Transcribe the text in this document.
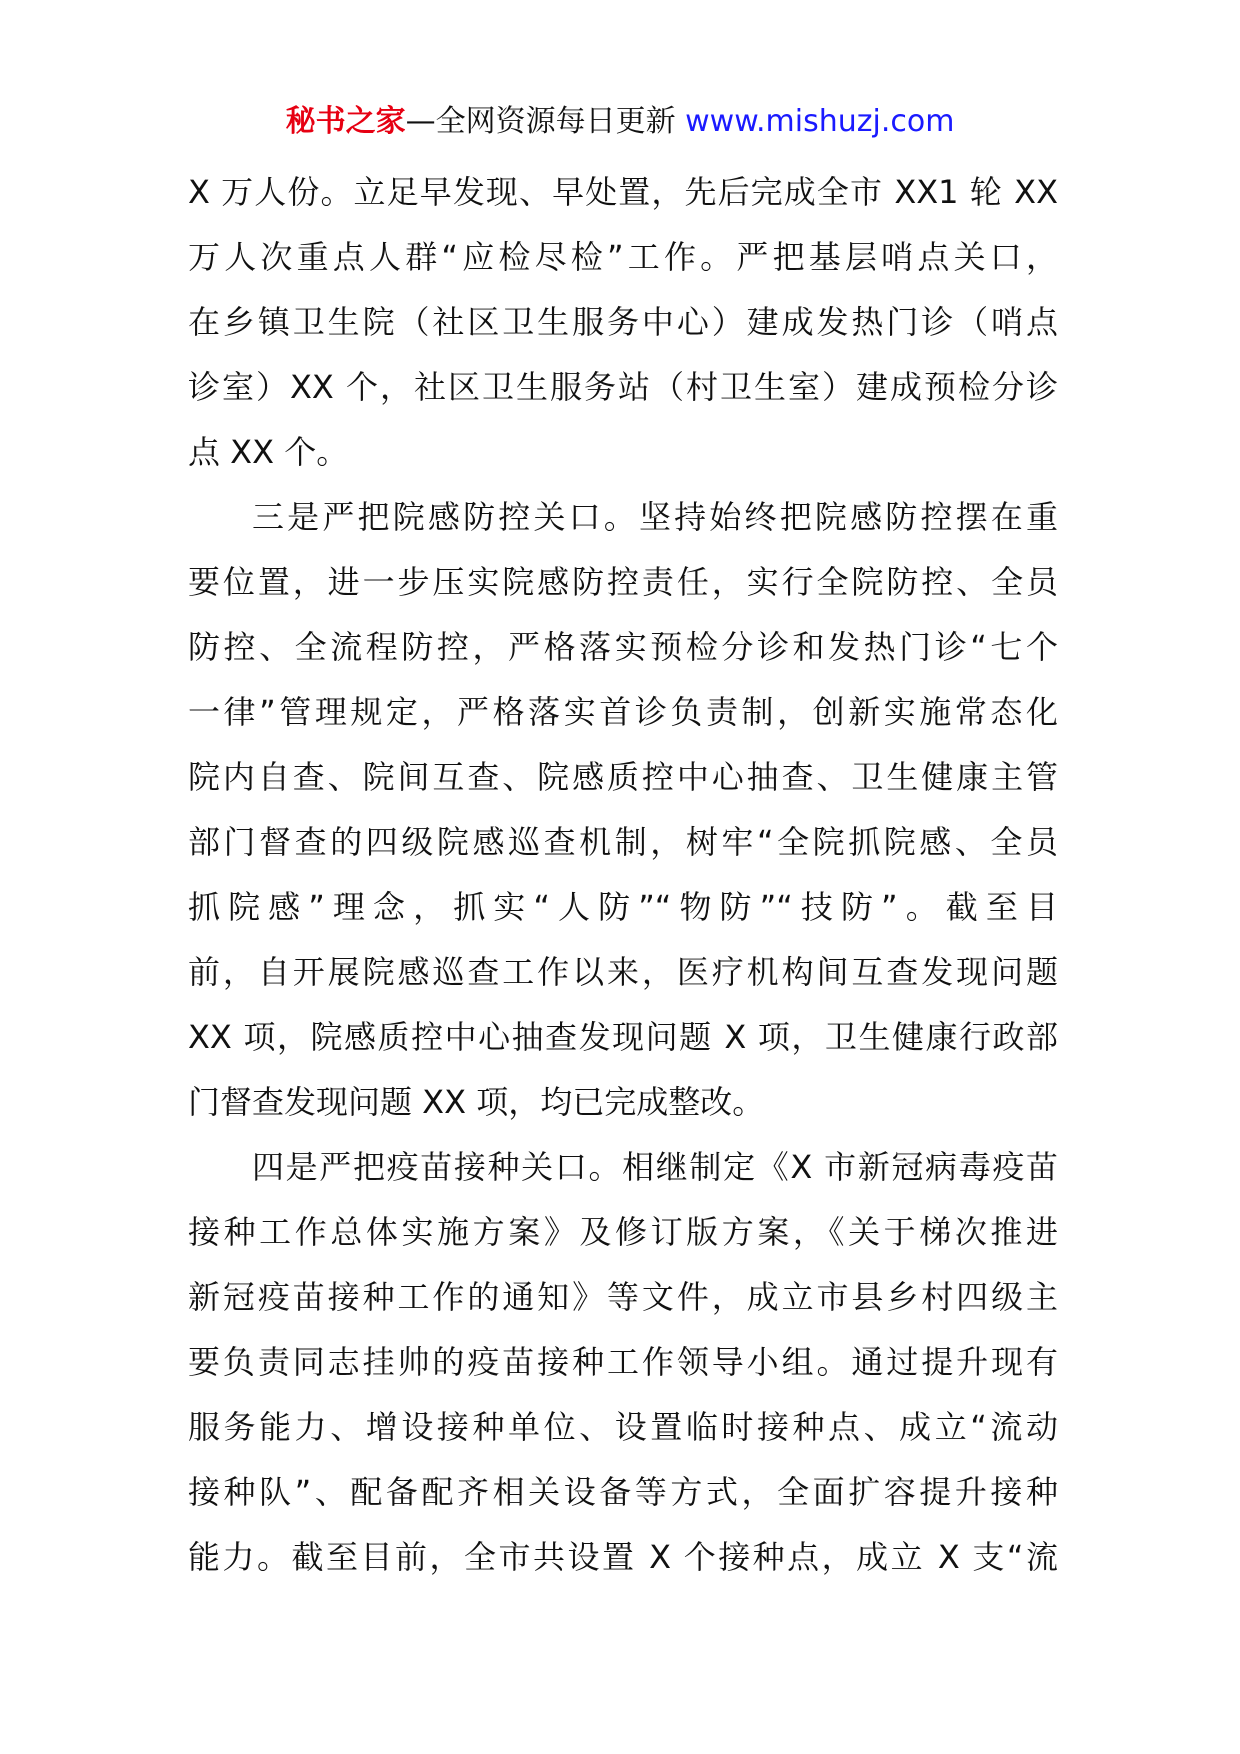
秘书之家—全网资源每日更新 www.mishuzj.com
X 万人份。立足早发现、早处置，先后完成全市 XX1 轮 XX
万人次重点人群“应检尽检”工作。严把基层哨点关口，
在乡镇卫生院（社区卫生服务中心）建成发热门诊（哨点
诊室）XX 个，社区卫生服务站（村卫生室）建成预检分诊
点 XX 个。
三是严把院感防控关口。坚持始终把院感防控摆在重
要位置，进一步压实院感防控责任，实行全院防控、全员
防控、全流程防控，严格落实预检分诊和发热门诊“七个
一律”管理规定，严格落实首诊负责制，创新实施常态化
院内自查、院间互查、院感质控中心抽查、卫生健康主管
部门督查的四级院感巡查机制，树牢“全院抓院感、全员
抓院感”理念，抓实“人防”“物防”“技防”。截至目
前，自开展院感巡查工作以来，医疗机构间互查发现问题
XX 项，院感质控中心抽查发现问题 X 项，卫生健康行政部
门督查发现问题 XX 项，均已完成整改。
四是严把疫苗接种关口。相继制定《X 市新冠病毒疫苗
接种工作总体实施方案》及修订版方案，《关于梯次推进
新冠疫苗接种工作的通知》等文件，成立市县乡村四级主
要负责同志挂帅的疫苗接种工作领导小组。通过提升现有
服务能力、增设接种单位、设置临时接种点、成立“流动
接种队”、配备配齐相关设备等方式，全面扩容提升接种
能力。截至目前，全市共设置 X 个接种点，成立 X 支“流
